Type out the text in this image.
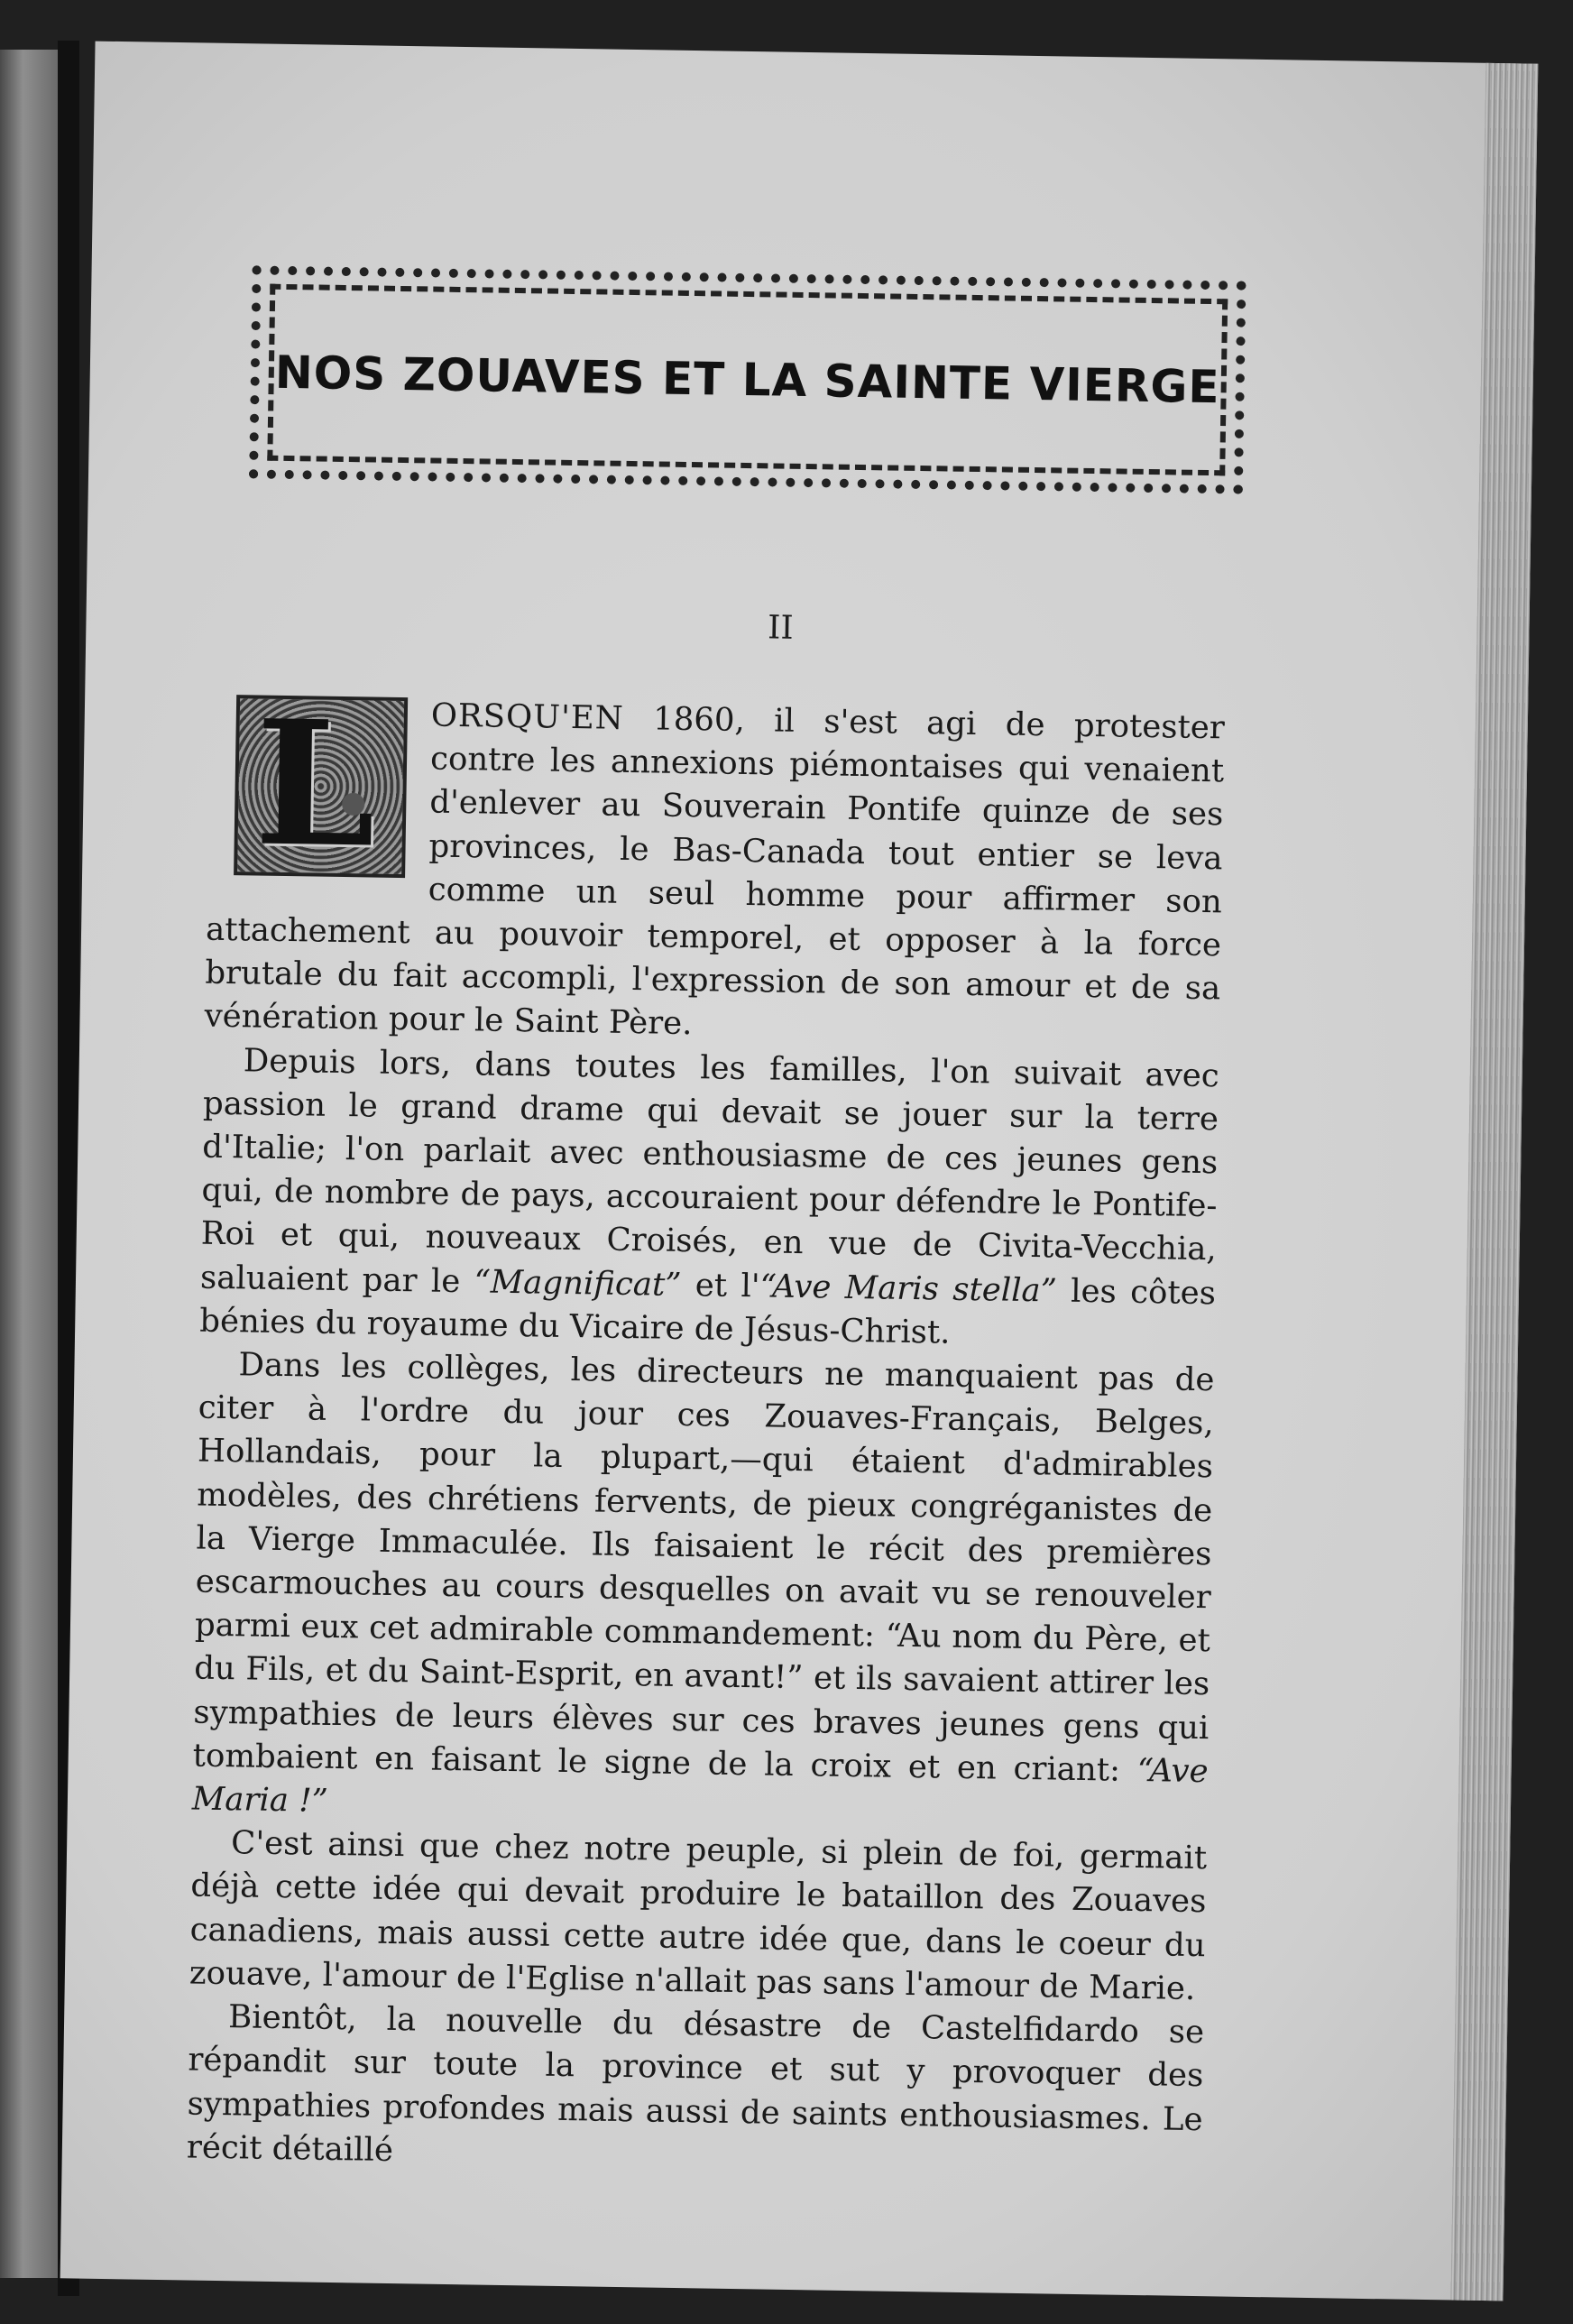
NOS ZOUAVES ET LA SAINTE VIERGE

II

L	ORSQU'EN 1860, il s'est agi de protester contre les annexions piémontaises qui venaient d'enlever au Souverain Pontife quinze de ses provinces, le Bas-Canada tout entier se leva comme un seul homme pour affirmer son attachement au pouvoir temporel, et opposer à la force brutale du fait accompli, l'expression de son amour et de sa vénération pour le Saint Père.

Depuis lors, dans toutes les familles, l'on suivait avec passion le grand drame qui devait se jouer sur la terre d'Italie; l'on parlait avec enthousiasme de ces jeunes gens qui, de nombre de pays, accouraient pour défendre le Pontife-Roi et qui, nouveaux Croisés, en vue de Civita-Vecchia, saluaient par le “Magnificat” et l'“Ave Maris stella” les côtes bénies du royaume du Vicaire de Jésus-Christ.

Dans les collèges, les directeurs ne manquaient pas de citer à l'ordre du jour ces Zouaves-Français, Belges, Hollandais, pour la plupart,—qui étaient d'admirables modèles, des chrétiens fervents, de pieux congréganistes de la Vierge Immaculée. Ils faisaient le récit des premières escarmouches au cours desquelles on avait vu se renouveler parmi eux cet admirable commandement: “Au nom du Père, et du Fils, et du Saint-Esprit, en avant!” et ils savaient attirer les sympathies de leurs élèves sur ces braves jeunes gens qui tombaient en faisant le signe de la croix et en criant: “Ave Maria !”

C'est ainsi que chez notre peuple, si plein de foi, germait déjà cette idée qui devait produire le bataillon des Zouaves canadiens, mais aussi cette autre idée que, dans le coeur du zouave, l'amour de l'Eglise n'allait pas sans l'amour de Marie.

Bientôt, la nouvelle du désastre de Castelfidardo se répandit sur toute la province et sut y provoquer des sympathies profondes mais aussi de saints enthousiasmes. Le récit détaillé
